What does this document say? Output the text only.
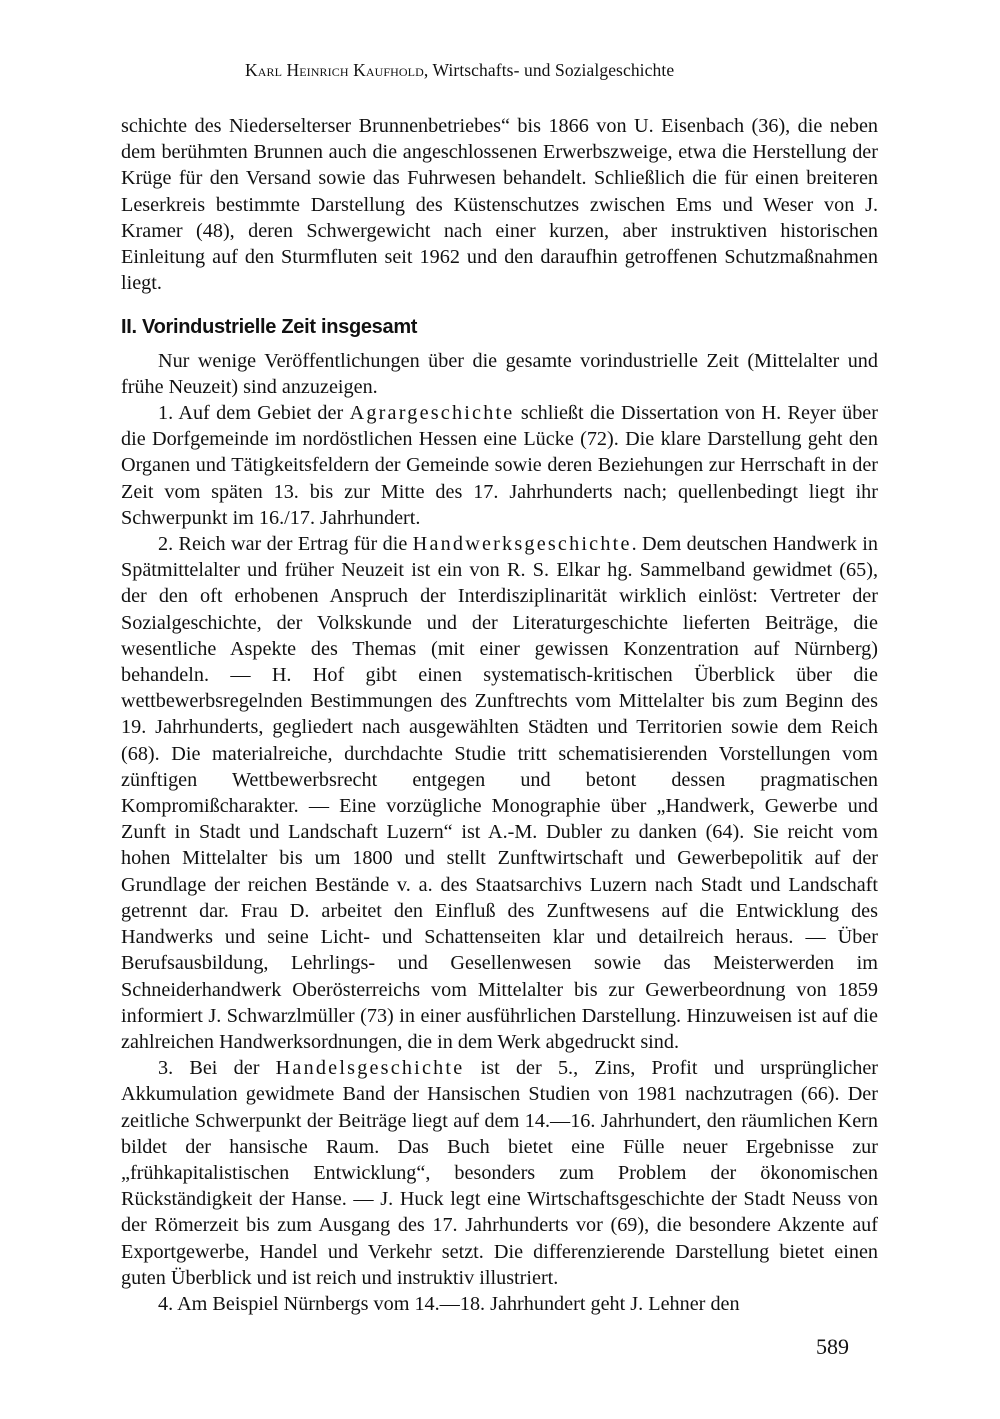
Karl Heinrich Kaufhold, Wirtschafts- und Sozialgeschichte

schichte des Niederselterser Brunnenbetriebes“ bis 1866 von U. Eisenbach (36), die neben dem berühmten Brunnen auch die angeschlossenen Erwerbszweige, etwa die Herstellung der Krüge für den Versand sowie das Fuhrwesen behandelt. Schließlich die für einen breiteren Leserkreis bestimmte Darstellung des Küstenschutzes zwischen Ems und Weser von J. Kramer (48), deren Schwergewicht nach einer kurzen, aber instruktiven historischen Einleitung auf den Sturmfluten seit 1962 und den daraufhin getroffenen Schutzmaßnahmen liegt.

II. Vorindustrielle Zeit insgesamt

Nur wenige Veröffentlichungen über die gesamte vorindustrielle Zeit (Mittelalter und frühe Neuzeit) sind anzuzeigen.

1. Auf dem Gebiet der Agrargeschichte schließt die Dissertation von H. Reyer über die Dorfgemeinde im nordöstlichen Hessen eine Lücke (72). Die klare Darstellung geht den Organen und Tätigkeitsfeldern der Gemeinde sowie deren Beziehungen zur Herrschaft in der Zeit vom späten 13. bis zur Mitte des 17. Jahrhunderts nach; quellenbedingt liegt ihr Schwerpunkt im 16./17. Jahrhundert.

2. Reich war der Ertrag für die Handwerksgeschichte. Dem deutschen Handwerk in Spätmittelalter und früher Neuzeit ist ein von R. S. Elkar hg. Sammelband gewidmet (65), der den oft erhobenen Anspruch der Interdisziplinarität wirklich einlöst: Vertreter der Sozialgeschichte, der Volkskunde und der Literaturgeschichte lieferten Beiträge, die wesentliche Aspekte des Themas (mit einer gewissen Konzentration auf Nürnberg) behandeln. — H. Hof gibt einen systematisch-kritischen Überblick über die wettbewerbsregelnden Bestimmungen des Zunftrechts vom Mittelalter bis zum Beginn des 19. Jahrhunderts, gegliedert nach ausgewählten Städten und Territorien sowie dem Reich (68). Die materialreiche, durchdachte Studie tritt schematisierenden Vorstellungen vom zünftigen Wettbewerbsrecht entgegen und betont dessen pragmatischen Kompromißcharakter. — Eine vorzügliche Monographie über „Handwerk, Gewerbe und Zunft in Stadt und Landschaft Luzern“ ist A.-M. Dubler zu danken (64). Sie reicht vom hohen Mittelalter bis um 1800 und stellt Zunftwirtschaft und Gewerbepolitik auf der Grundlage der reichen Bestände v. a. des Staatsarchivs Luzern nach Stadt und Landschaft getrennt dar. Frau D. arbeitet den Einfluß des Zunftwesens auf die Entwicklung des Handwerks und seine Licht- und Schattenseiten klar und detailreich heraus. — Über Berufsausbildung, Lehrlings- und Gesellenwesen sowie das Meisterwerden im Schneiderhandwerk Oberösterreichs vom Mittelalter bis zur Gewerbeordnung von 1859 informiert J. Schwarzlmüller (73) in einer ausführlichen Darstellung. Hinzuweisen ist auf die zahlreichen Handwerksordnungen, die in dem Werk abgedruckt sind.

3. Bei der Handelsgeschichte ist der 5., Zins, Profit und ursprünglicher Akkumulation gewidmete Band der Hansischen Studien von 1981 nachzutragen (66). Der zeitliche Schwerpunkt der Beiträge liegt auf dem 14.—16. Jahrhundert, den räumlichen Kern bildet der hansische Raum. Das Buch bietet eine Fülle neuer Ergebnisse zur „frühkapitalistischen Entwicklung“, besonders zum Problem der ökonomischen Rückständigkeit der Hanse. — J. Huck legt eine Wirtschaftsgeschichte der Stadt Neuss von der Römerzeit bis zum Ausgang des 17. Jahrhunderts vor (69), die besondere Akzente auf Exportgewerbe, Handel und Verkehr setzt. Die differenzierende Darstellung bietet einen guten Überblick und ist reich und instruktiv illustriert.

4. Am Beispiel Nürnbergs vom 14.—18. Jahrhundert geht J. Lehner den

589
